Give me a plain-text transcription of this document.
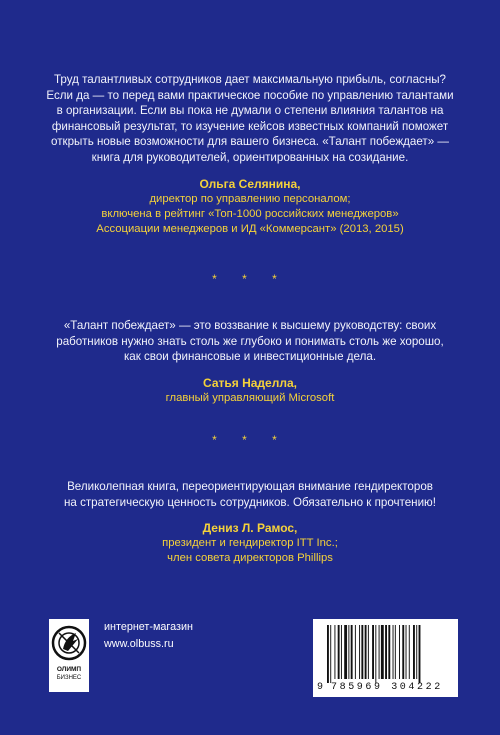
Труд талантливых сотрудников дает максимальную прибыль, согласны?
Если да — то перед вами практическое пособие по управлению талантами
в организации. Если вы пока не думали о степени влияния талантов на
финансовый результат, то изучение кейсов известных компаний поможет
открыть новые возможности для вашего бизнеса. «Талант побеждает» —
книга для руководителей, ориентированных на созидание.
Ольга Селянина,
директор по управлению персоналом;
включена в рейтинг «Топ-1000 российских менеджеров»
Ассоциации менеджеров и ИД «Коммерсант» (2013, 2015)
* * *
«Талант побеждает» — это воззвание к высшему руководству: своих
работников нужно знать столь же глубоко и понимать столь же хорошо,
как свои финансовые и инвестиционные дела.
Сатья Наделла,
главный управляющий Microsoft
* * *
Великолепная книга, переориентирующая внимание гендиректоров
на стратегическую ценность сотрудников. Обязательно к прочтению!
Дениз Л. Рамос,
президент и гендиректор ITT Inc.;
член совета директоров Phillips
ОЛИМП
БИЗНЕС
интернет-магазин
www.olbuss.ru
9 785969 304222
